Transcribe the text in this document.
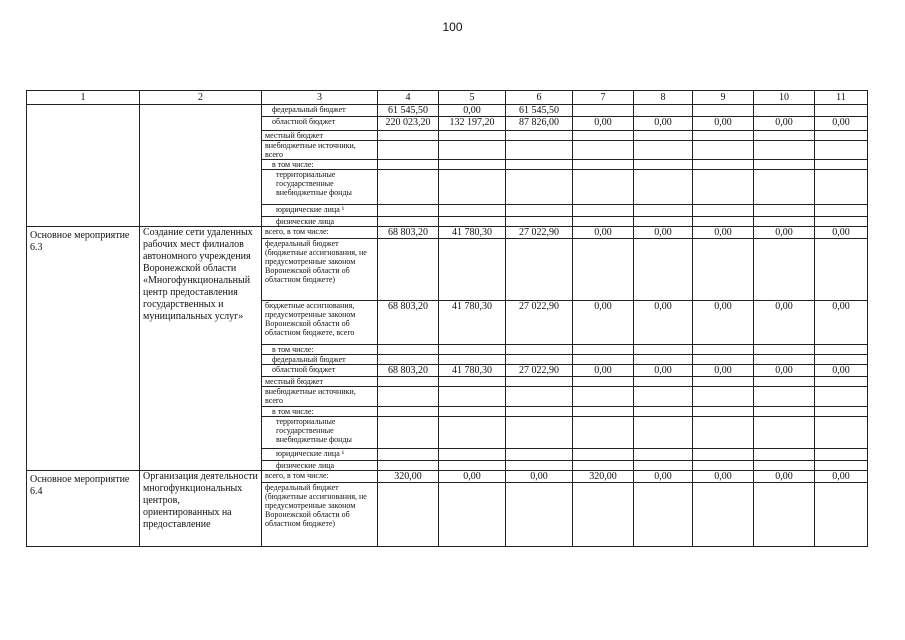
100
1	2	3	4	5	6	7	8	9	10	11
		федеральный бюджет	61 545,50	0,00	61 545,50					
		областной бюджет	220 023,20	132 197,20	87 826,00	0,00	0,00	0,00	0,00	0,00
		местный бюджет								
		внебюджетные источники, всего								
		в том числе:								
		территориальные государственные внебюджетные фонды								
		юридические лица ¹								
		физические лица								
Основное мероприятие 6.3	Создание сети удаленных рабочих мест филиалов автономного учреждения Воронежской области «Многофункциональный центр предоставления государственных и муниципальных услуг»	всего, в том числе:	68 803,20	41 780,30	27 022,90	0,00	0,00	0,00	0,00	0,00
		федеральный бюджет (бюджетные ассигнования, не предусмотренные законом Воронежской области об областном бюджете)								
		бюджетные ассигнования, предусмотренные законом Воронежской области об областном бюджете, всего	68 803,20	41 780,30	27 022,90	0,00	0,00	0,00	0,00	0,00
		в том числе:								
		федеральный бюджет								
		областной бюджет	68 803,20	41 780,30	27 022,90	0,00	0,00	0,00	0,00	0,00
		местный бюджет								
		внебюджетные источники, всего								
		в том числе:								
		территориальные государственные внебюджетные фонды								
		юридические лица ¹								
		физические лица								
Основное мероприятие 6.4	Организация деятельности многофункциональных центров, ориентированных на предоставление	всего, в том числе:	320,00	0,00	0,00	320,00	0,00	0,00	0,00	0,00
		федеральный бюджет (бюджетные ассигнования, не предусмотренные законом Воронежской области об областном бюджете)								
